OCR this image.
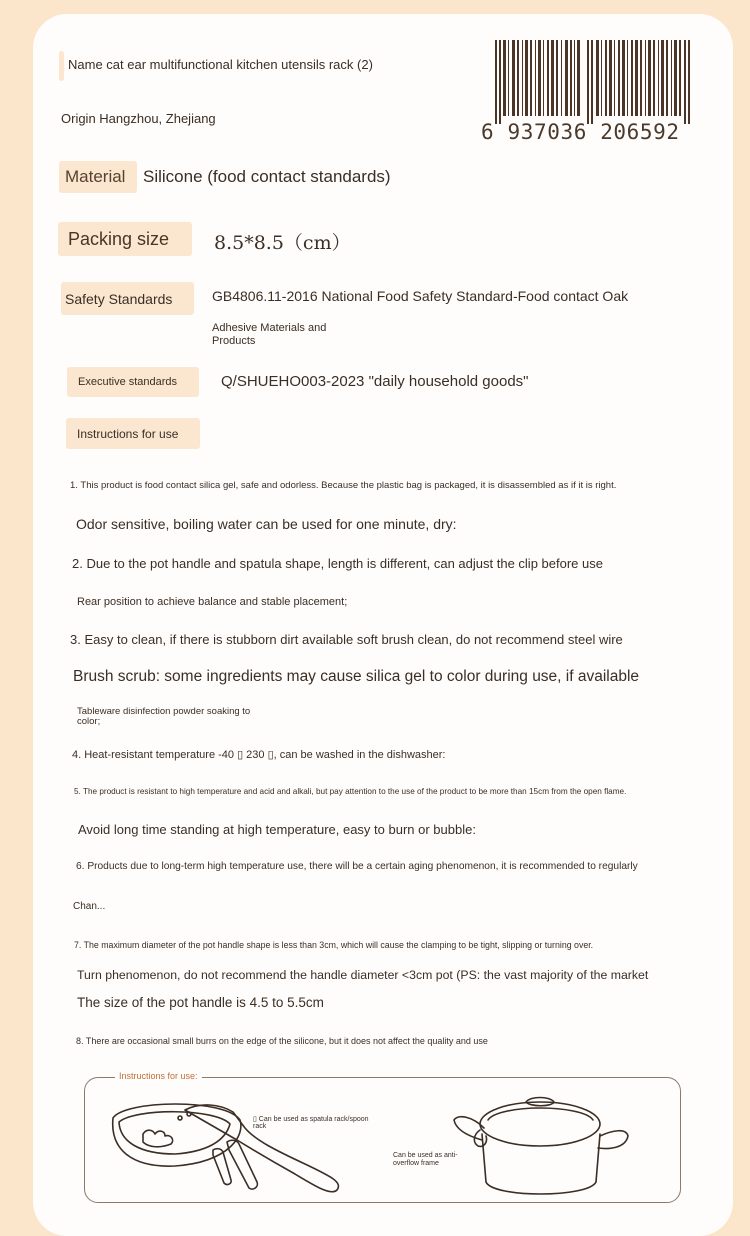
Name cat ear multifunctional kitchen utensils rack (2)
Origin Hangzhou, Zhejiang
6 937036 206592
Material Silicone (food contact standards)
Packing size 8.5*8.5（cm）
Safety Standards	GB4806.11-2016 National Food Safety Standard-Food contact Oak
Adhesive Materials and
Products
Executive standards	Q/SHUEHO003-2023 "daily household goods"
Instructions for use
1. This product is food contact silica gel, safe and odorless. Because the plastic bag is packaged, it is disassembled as if it is right.
Odor sensitive, boiling water can be used for one minute, dry:
2. Due to the pot handle and spatula shape, length is different, can adjust the clip before use
Rear position to achieve balance and stable placement;
3. Easy to clean, if there is stubborn dirt available soft brush clean, do not recommend steel wire
Brush scrub: some ingredients may cause silica gel to color during use, if available
Tableware disinfection powder soaking to
color;
4. Heat-resistant temperature -40 ▯ 230 ▯, can be washed in the dishwasher:
5. The product is resistant to high temperature and acid and alkali, but pay attention to the use of the product to be more than 15cm from the open flame.
Avoid long time standing at high temperature, easy to burn or bubble:
6. Products due to long-term high temperature use, there will be a certain aging phenomenon, it is recommended to regularly
Chan...
7. The maximum diameter of the pot handle shape is less than 3cm, which will cause the clamping to be tight, slipping or turning over.
Turn phenomenon, do not recommend the handle diameter <3cm pot (PS: the vast majority of the market
The size of the pot handle is 4.5 to 5.5cm
8. There are occasional small burrs on the edge of the silicone, but it does not affect the quality and use
Instructions for use:
▯ Can be used as spatula rack/spoon
rack
Can be used as anti-
overflow frame
